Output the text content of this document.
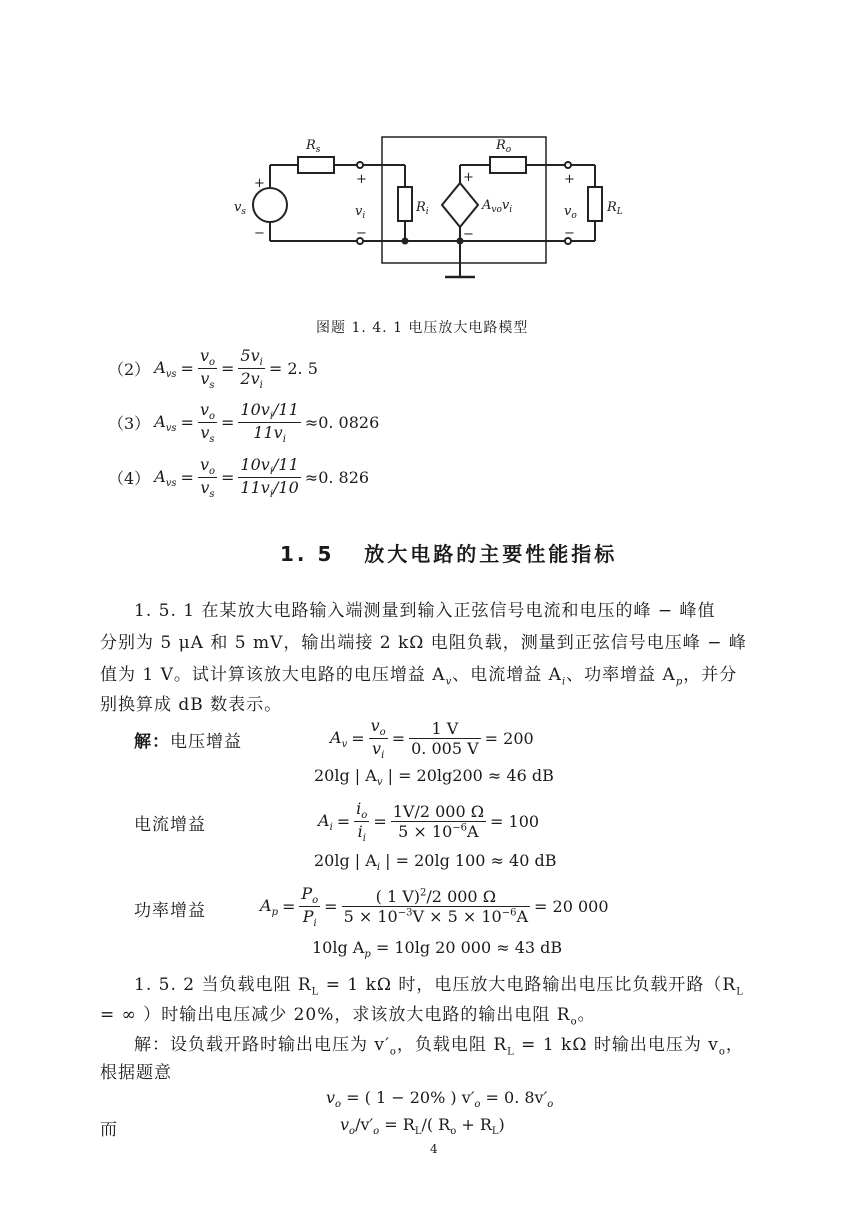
$R_s$	$R_o$
$v_s$
+
−
+
−
$v_i$
$R_i$
+
−
$A_{vo}v_i$
+
−
$v_o$
$R_L$
图题 1. 4. 1 电压放大电路模型
（2） $A_{vs} = \frac{v_o}{v_s} = \frac{5v_i}{2v_i} = 2$. 5
（3） $A_{vs} = \frac{v_o}{v_s} = \frac{10v_i/11}{11v_i} \approx 0$. 0826
（4） $A_{vs} = \frac{v_o}{v_s} = \frac{10v_i/11}{11v_i/10} \approx 0$. 826
1. 5 放大电路的主要性能指标
1. 5. 1 在某放大电路输入端测量到输入正弦信号电流和电压的峰 − 峰值
分别为 5 μA 和 5 mV，输出端接 2 kΩ 电阻负载，测量到正弦信号电压峰 − 峰
值为 1 V。试计算该放大电路的电压增益 $A_v$、电流增益 $A_i$、功率增益 $A_p$，并分
别换算成 dB 数表示。
解：电压增益	$A_v = \frac{v_o}{v_i} = \frac{1 V}{0. 005 V} = 200$
20lg | $A_v$ | = 20lg200 ≈ 46 dB
电流增益	$A_i = \frac{i_o}{i_i} = \frac{1V/2 000 \Omega}{5 \times 10^{-6}A} = 100$
20lg | $A_i$ | = 20lg 100 ≈ 40 dB
功率增益	$A_p = \frac{P_o}{P_i} = \frac{( 1 V)^2/2 000 \Omega}{5 \times 10^{-3}V \times 5 \times 10^{-6}A} = 20$ 000
10lg $A_p = 10\lg$ 20 000 ≈ 43 dB
1. 5. 2 当负载电阻 $R_L = 1$ kΩ 时，电压放大电路输出电压比负载开路（$R_L$
= ∞ ）时输出电压减少 20%，求该放大电路的输出电阻 $R_o$。
解：设负载开路时输出电压为 $v'_o$，负载电阻 $R_L = 1$ kΩ 时输出电压为 $v_o$，
根据题意
$v_o$ = ( 1 − 20% ) $v'_o = 0$. $8v'_o$
而	$v_o/v'_o = R_L/$( $R_o + R_L$)
4
